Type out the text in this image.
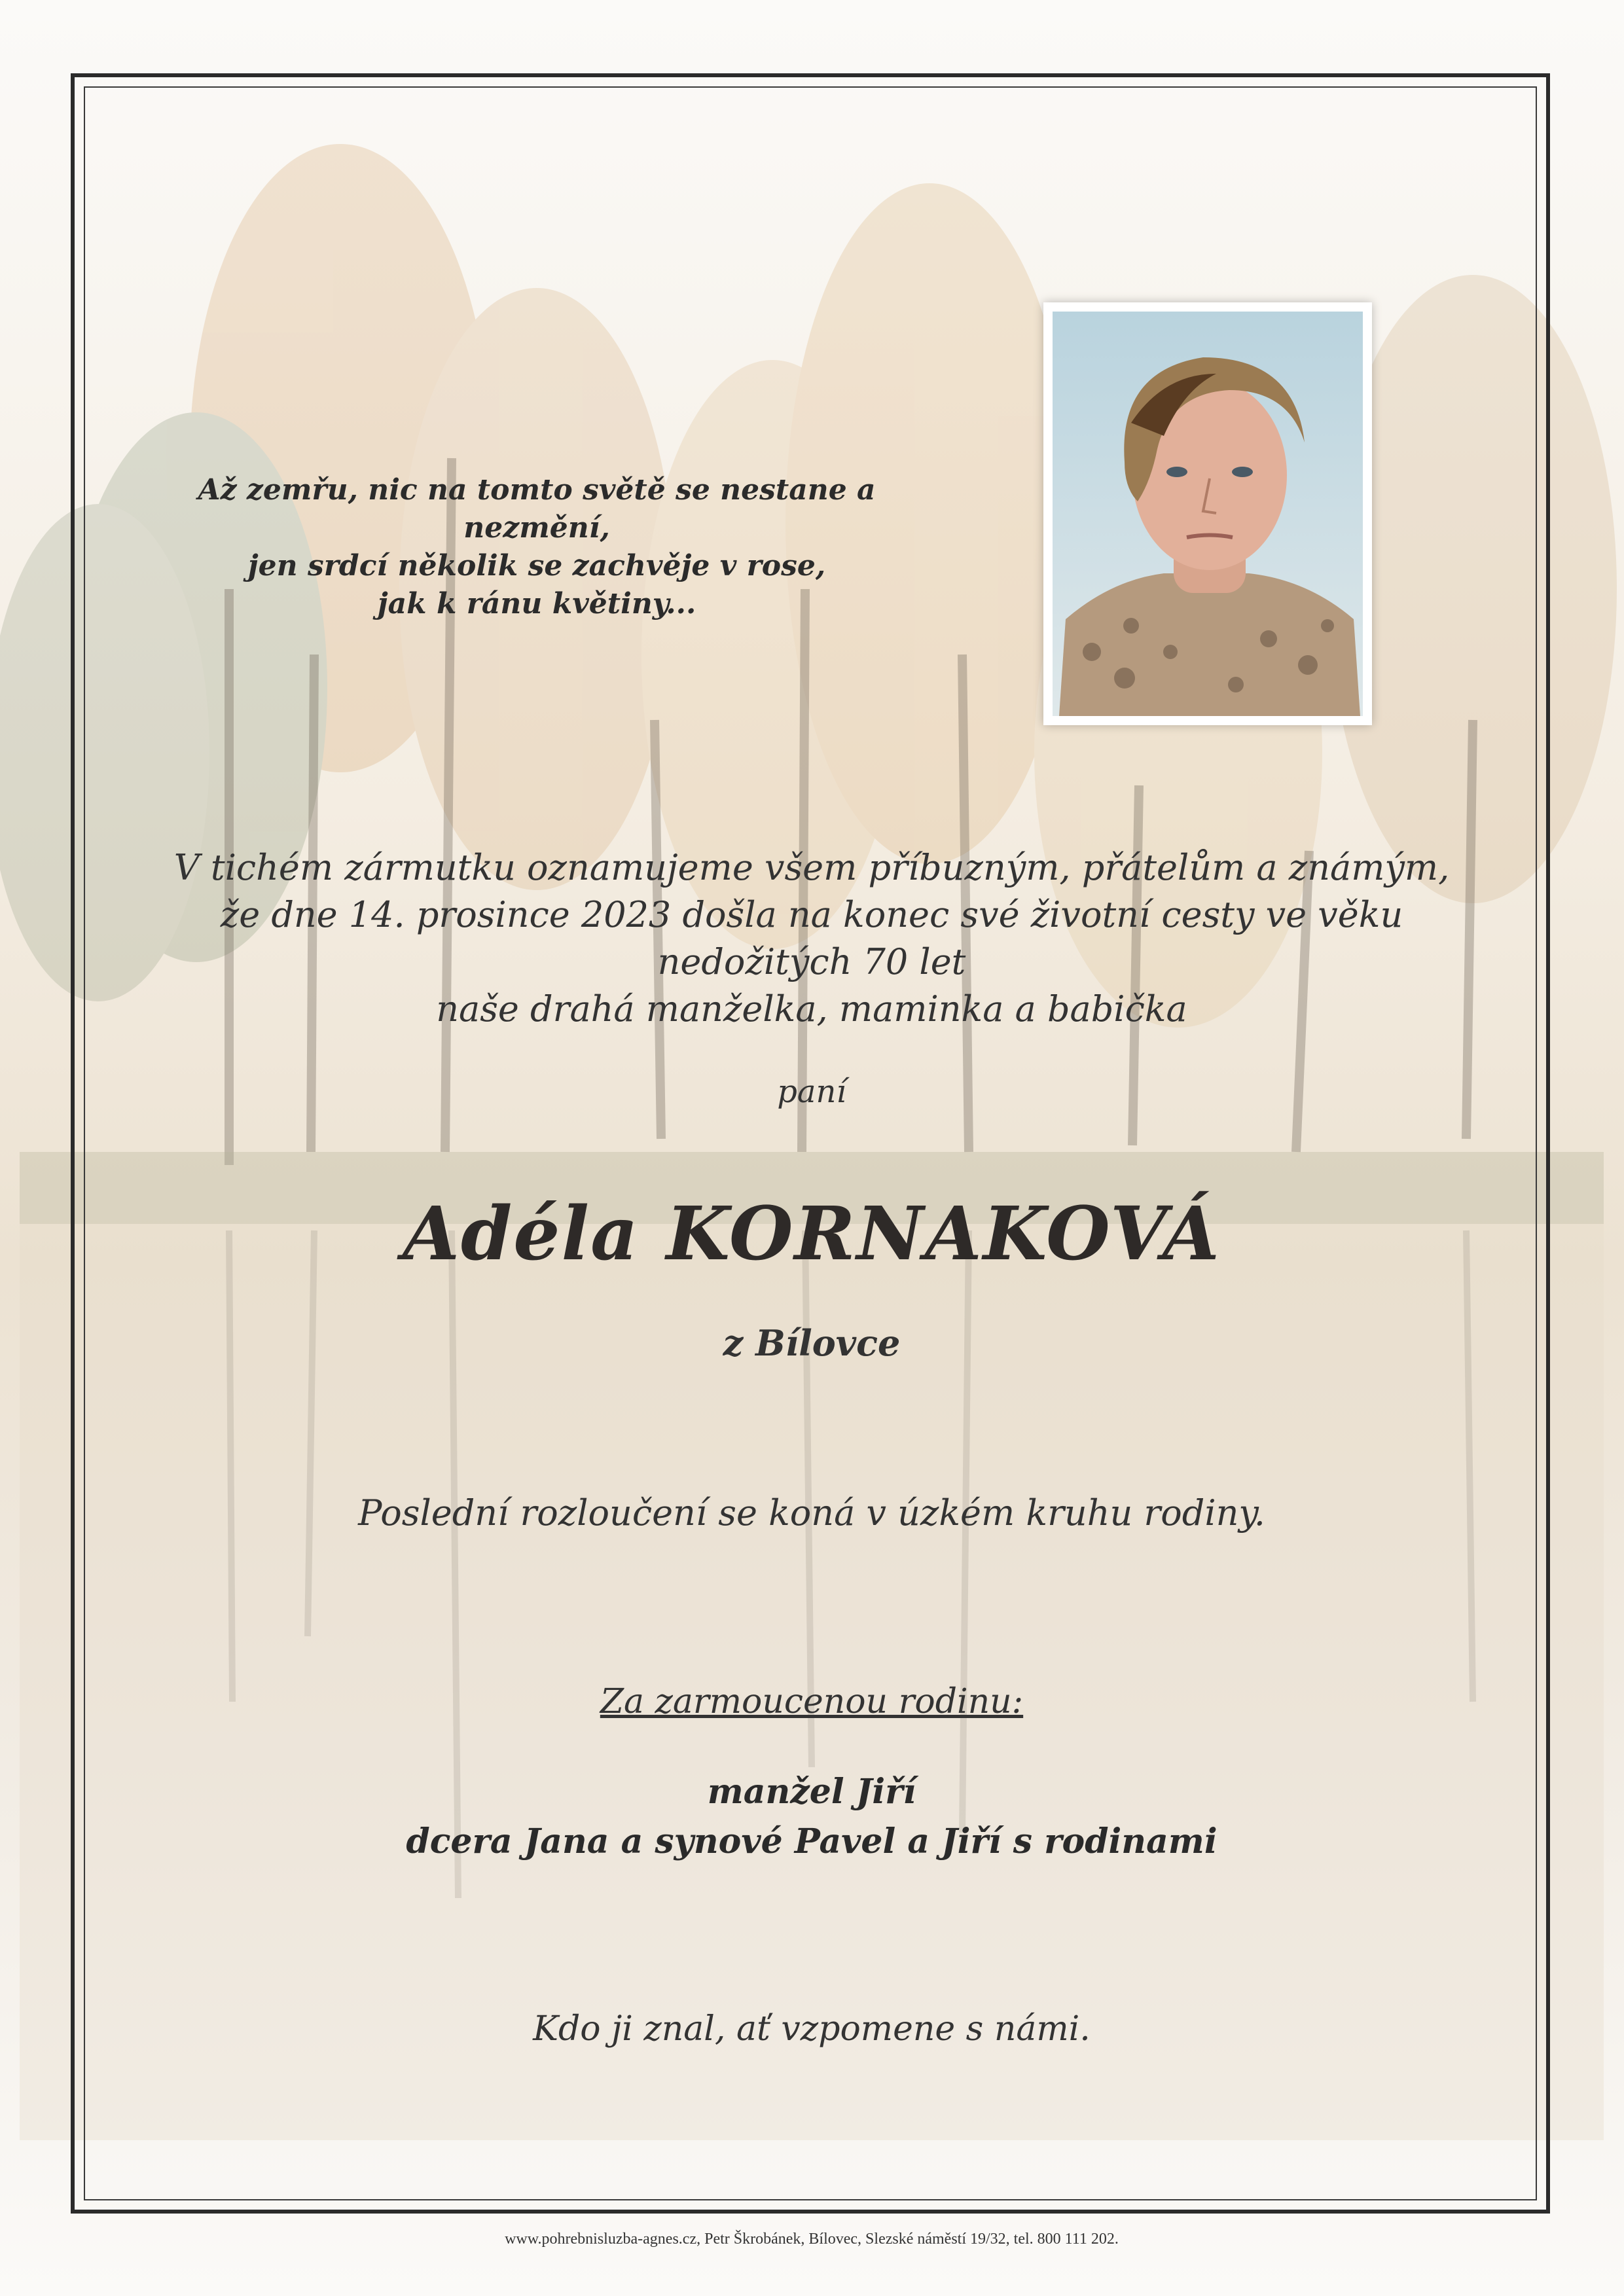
Až zemřu, nic na tomto světě se nestane a nezmění,
jen srdcí několik se zachvěje v rose,
jak k ránu květiny...
V tichém zármutku oznamujeme všem příbuzným, přátelům a známým,
že dne 14. prosince 2023 došla na konec své životní cesty ve věku nedožitých 70 let
naše drahá manželka, maminka a babička
paní
Adéla KORNAKOVÁ
z Bílovce
Poslední rozloučení se koná v úzkém kruhu rodiny.
Za zarmoucenou rodinu:
manžel Jiří
dcera Jana a synové Pavel a Jiří s rodinami
Kdo ji znal, ať vzpomene s námi.
www.pohrebnisluzba-agnes.cz, Petr Škrobánek, Bílovec, Slezské náměstí 19/32, tel. 800 111 202.
